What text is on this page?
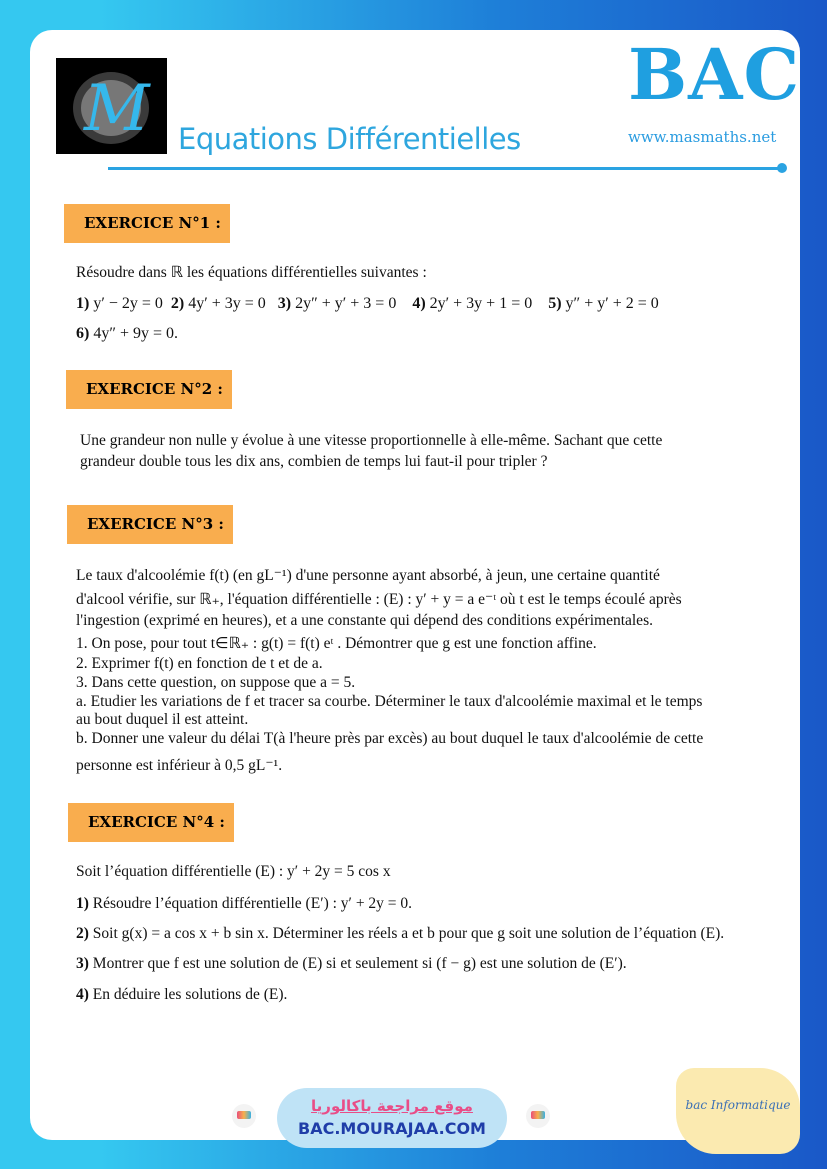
M Equations Différentielles
BAC
www.masmaths.net
EXERCICE N°1 :
Résoudre dans ℝ les équations différentielles suivantes :
1) y′ − 2y = 0 2) 4y′ + 3y = 0 3) 2y″ + y′ + 3 = 0 4) 2y′ + 3y + 1 = 0 5) y″ + y′ + 2 = 0
6) 4y″ + 9y = 0.
EXERCICE N°2 :
Une grandeur non nulle y évolue à une vitesse proportionnelle à elle-même. Sachant que cette
grandeur double tous les dix ans, combien de temps lui faut-il pour tripler ?
EXERCICE N°3 :
Le taux d'alcoolémie f(t) (en gL⁻¹) d'une personne ayant absorbé, à jeun, une certaine quantité
d'alcool vérifie, sur ℝ₊, l'équation différentielle : (E) : y′ + y = a e⁻ᵗ où t est le temps écoulé après
l'ingestion (exprimé en heures), et a une constante qui dépend des conditions expérimentales.
1. On pose, pour tout t∈ℝ₊ : g(t) = f(t) eᵗ . Démontrer que g est une fonction affine.
2. Exprimer f(t) en fonction de t et de a.
3. Dans cette question, on suppose que a = 5.
a. Etudier les variations de f et tracer sa courbe. Déterminer le taux d'alcoolémie maximal et le temps
au bout duquel il est atteint.
b. Donner une valeur du délai T(à l'heure près par excès) au bout duquel le taux d'alcoolémie de cette
personne est inférieur à 0,5 gL⁻¹.
EXERCICE N°4 :
Soit l’équation différentielle (E) : y′ + 2y = 5 cos x
1) Résoudre l’équation différentielle (E′) : y′ + 2y = 0.
2) Soit g(x) = a cos x + b sin x. Déterminer les réels a et b pour que g soit une solution de l’équation (E).
3) Montrer que f est une solution de (E) si et seulement si (f − g) est une solution de (E′).
4) En déduire les solutions de (E).
موقع مراجعة باكالوريا
BAC.MOURAJAA.COM
bac Informatique
